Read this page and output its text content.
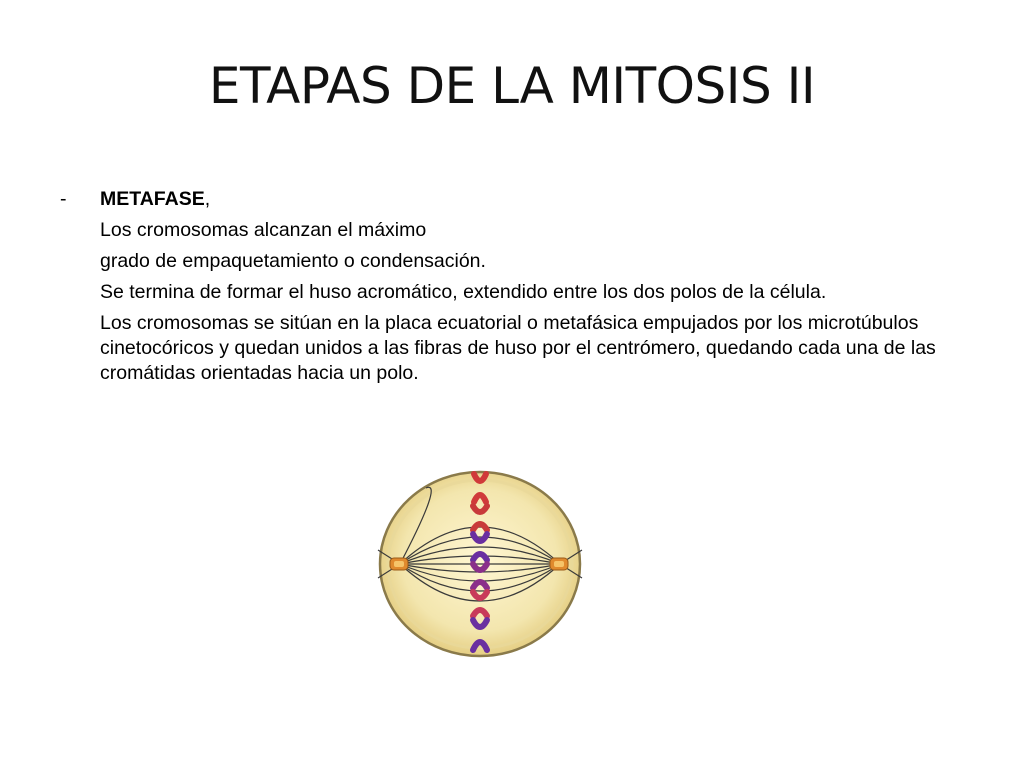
ETAPAS DE LA MITOSIS II

- METAFASE,

Los cromosomas alcanzan el máximo

grado de empaquetamiento o condensación.

Se termina de formar el huso acromático, extendido entre los dos polos de la célula.

Los cromosomas se sitúan en la placa ecuatorial o metafásica empujados por los microtúbulos cinetocóricos y quedan unidos a las fibras de huso por el centrómero, quedando cada una de las cromátidas orientadas hacia un polo.
